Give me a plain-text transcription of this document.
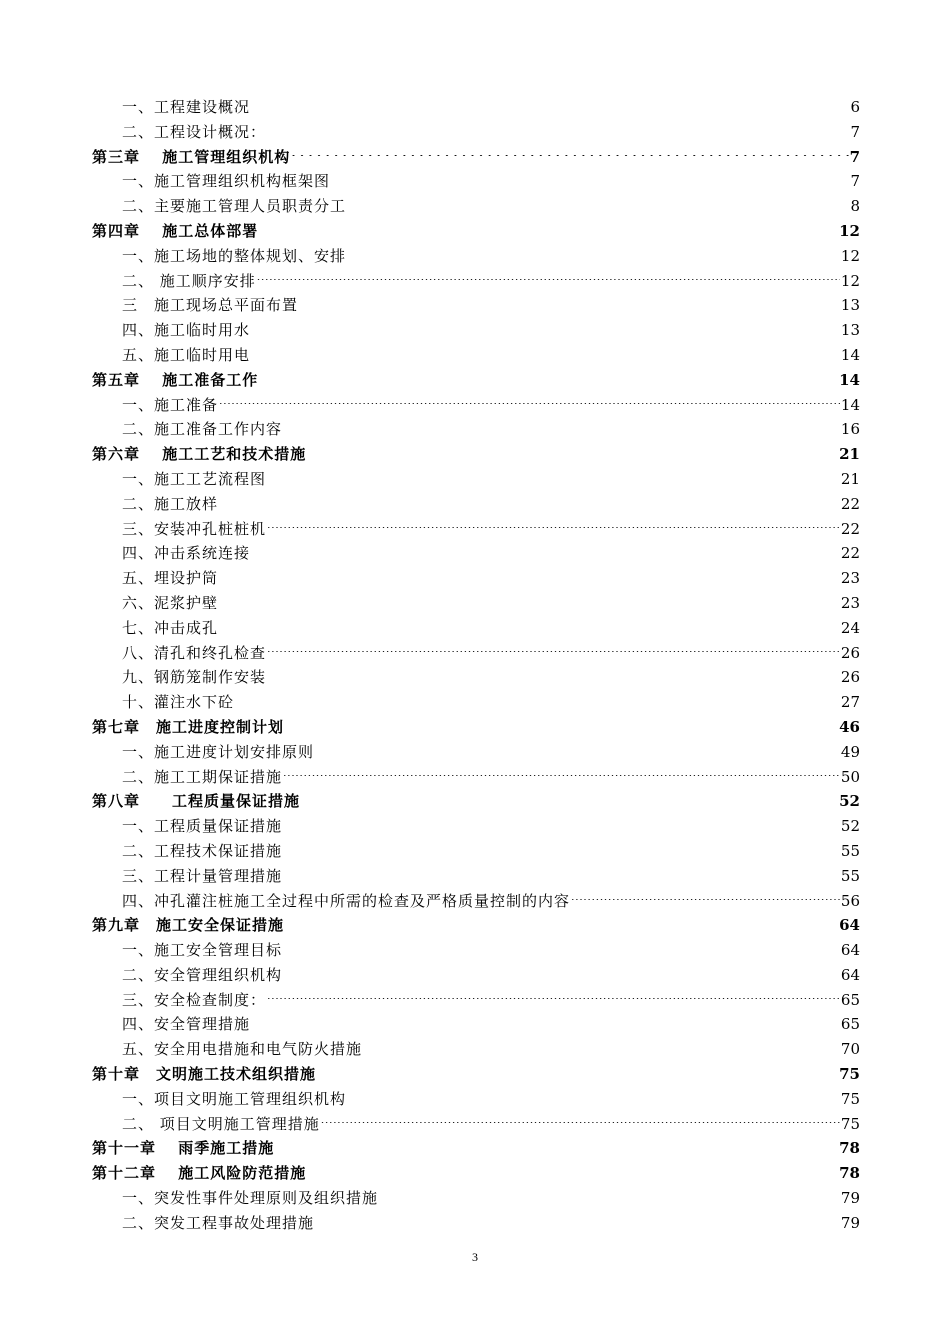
一、工程建设概况 .....	6
二、工程设计概况： .....	7
第三章　 施工管理组织机构 .....	7
一、施工管理组织机构框架图 .....	7
二、主要施工管理人员职责分工 .....	8
第四章　 施工总体部署 .....	12
一、施工场地的整体规划、安排 .....	12
二、 施工顺序安排 .....	12
三　施工现场总平面布置 .....	13
四、施工临时用水 .....	13
五、施工临时用电 .....	14
第五章　 施工准备工作 .....	14
一、施工准备 .....	14
二、施工准备工作内容 .....	16
第六章　 施工工艺和技术措施 .....	21
一、施工工艺流程图 .....	21
二、施工放样 .....	22
三、安装冲孔桩桩机 .....	22
四、冲击系统连接 .....	22
五、埋设护筒 .....	23
六、泥浆护壁 .....	23
七、冲击成孔 .....	24
八、清孔和终孔检查 .....	26
九、钢筋笼制作安装 .....	26
十、灌注水下砼 .....	27
第七章　施工进度控制计划 .....	46
一、施工进度计划安排原则 .....	49
二、施工工期保证措施 .....	50
第八章　　工程质量保证措施 .....	52
一、工程质量保证措施 .....	52
二、工程技术保证措施 .....	55
三、工程计量管理措施 .....	55
四、冲孔灌注桩施工全过程中所需的检查及严格质量控制的内容 .....	56
第九章　施工安全保证措施 .....	64
一、施工安全管理目标 .....	64
二、安全管理组织机构 .....	64
三、安全检查制度： .....	65
四、安全管理措施 .....	65
五、安全用电措施和电气防火措施 .....	70
第十章　文明施工技术组织措施 .....	75
一、项目文明施工管理组织机构 .....	75
二、 项目文明施工管理措施 .....	75
第十一章　 雨季施工措施 .....	78
第十二章　 施工风险防范措施 .....	78
一、突发性事件处理原则及组织措施 .....	79
二、突发工程事故处理措施 .....	79
3
